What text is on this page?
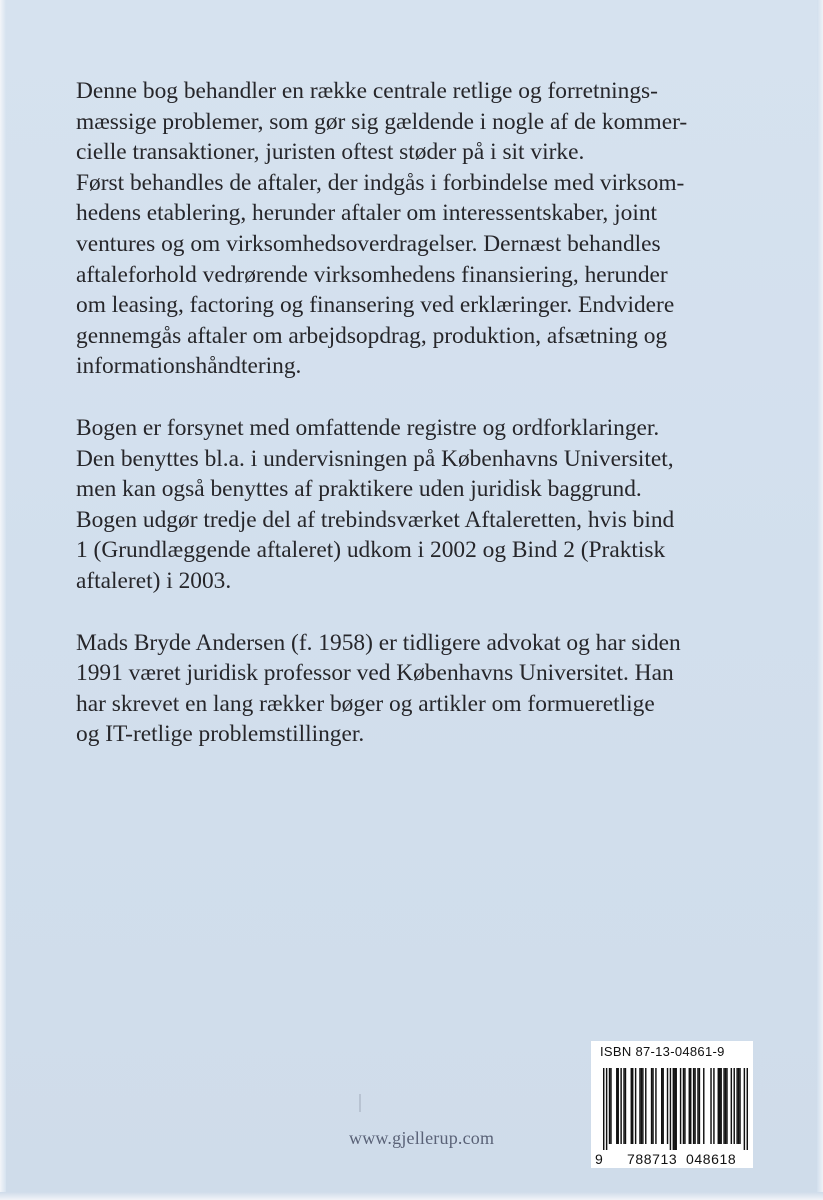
Denne bog behandler en række centrale retlige og forretnings-
mæssige problemer, som gør sig gældende i nogle af de kommer-
cielle transaktioner, juristen oftest støder på i sit virke.
Først behandles de aftaler, der indgås i forbindelse med virksom-
hedens etablering, herunder aftaler om interessentskaber, joint
ventures og om virksomhedsoverdragelser. Dernæst behandles
aftaleforhold vedrørende virksomhedens finansiering, herunder
om leasing, factoring og finansering ved erklæringer. Endvidere
gennemgås aftaler om arbejdsopdrag, produktion, afsætning og
informationshåndtering.

Bogen er forsynet med omfattende registre og ordforklaringer.
Den benyttes bl.a. i undervisningen på Københavns Universitet,
men kan også benyttes af praktikere uden juridisk baggrund.
Bogen udgør tredje del af trebindsværket Aftaleretten, hvis bind
1 (Grundlæggende aftaleret) udkom i 2002 og Bind 2 (Praktisk
aftaleret) i 2003.

Mads Bryde Andersen (f. 1958) er tidligere advokat og har siden
1991 været juridisk professor ved Københavns Universitet. Han
har skrevet en lang rækker bøger og artikler om formueretlige
og IT-retlige problemstillinger.

www.gjellerup.com
ISBN 87-13-04861-9
9 788713 048618
